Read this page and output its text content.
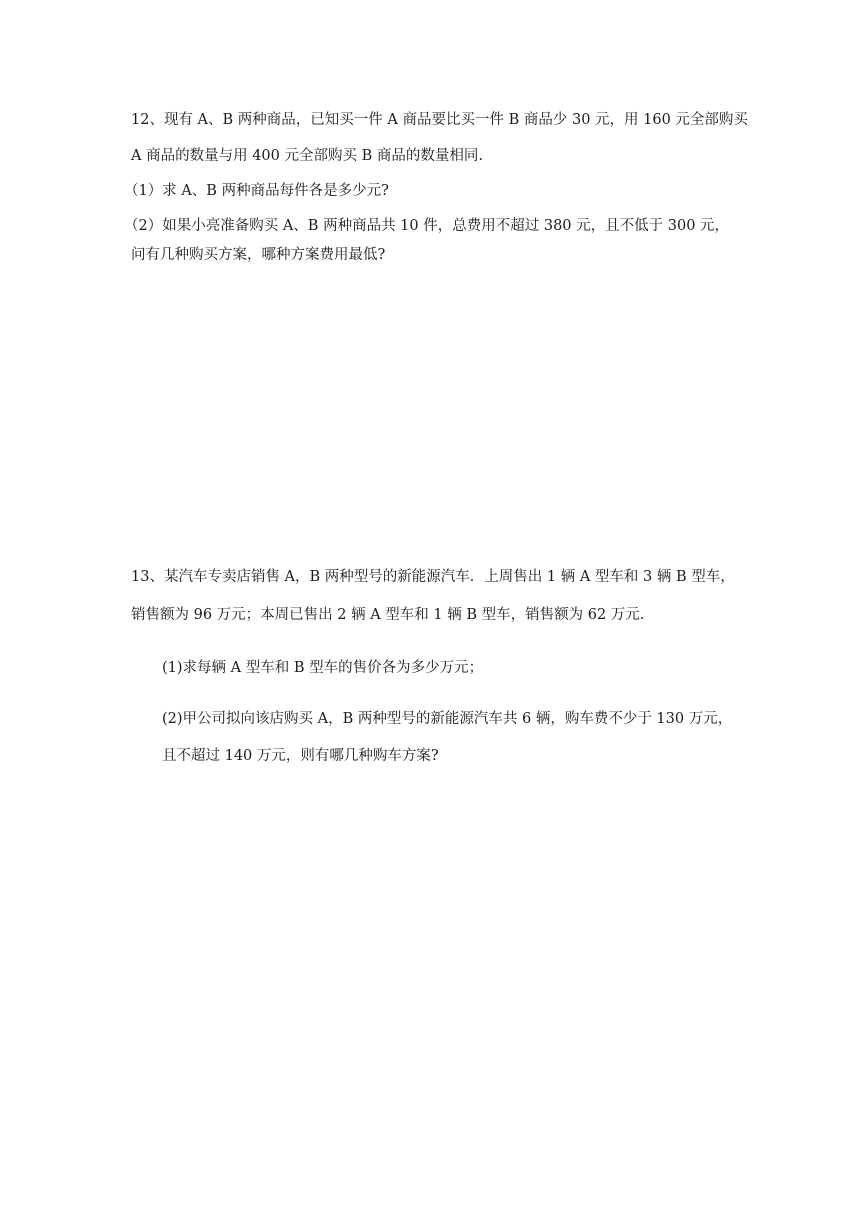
12、现有 A、B 两种商品，已知买一件 A 商品要比买一件 B 商品少 30 元，用 160 元全部购买
A 商品的数量与用 400 元全部购买 B 商品的数量相同.
（1）求 A、B 两种商品每件各是多少元?
（2）如果小亮准备购买 A、B 两种商品共 10 件，总费用不超过 380 元，且不低于 300 元，
问有几种购买方案，哪种方案费用最低?
13、某汽车专卖店销售 A，B 两种型号的新能源汽车．上周售出 1 辆 A 型车和 3 辆 B 型车，
销售额为 96 万元；本周已售出 2 辆 A 型车和 1 辆 B 型车，销售额为 62 万元.
(1)求每辆 A 型车和 B 型车的售价各为多少万元；
(2)甲公司拟向该店购买 A，B 两种型号的新能源汽车共 6 辆，购车费不少于 130 万元，
且不超过 140 万元，则有哪几种购车方案?
